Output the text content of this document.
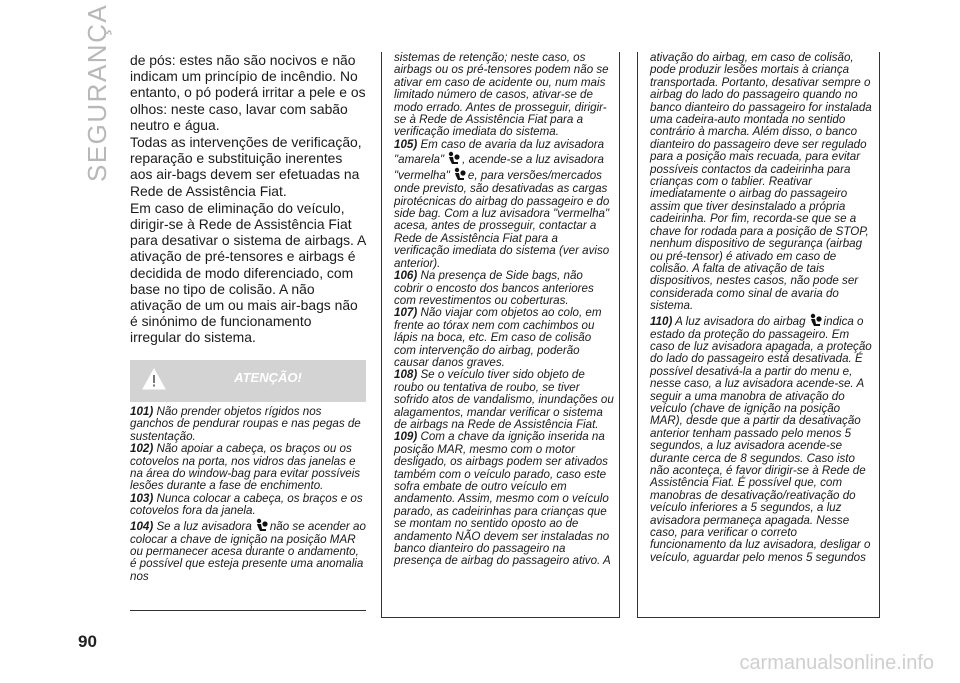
SEGURANÇA
90

de pós: estes não são nocivos e não indicam um princípio de incêndio. No entanto, o pó poderá irritar a pele e os olhos: neste caso, lavar com sabão neutro e água.

Todas as intervenções de verificação, reparação e substituição inerentes aos air-bags devem ser efetuadas na Rede de Assistência Fiat.

Em caso de eliminação do veículo, dirigir-se à Rede de Assistência Fiat para desativar o sistema de airbags. A ativação de pré-tensores e airbags é decidida de modo diferenciado, com base no tipo de colisão. A não ativação de um ou mais air-bags não é sinónimo de funcionamento irregular do sistema.

ATENÇÃO!

101) Não prender objetos rígidos nos ganchos de pendurar roupas e nas pegas de sustentação.

102) Não apoiar a cabeça, os braços ou os cotovelos na porta, nos vidros das janelas e na área do window-bag para evitar possíveis lesões durante a fase de enchimento.

103) Nunca colocar a cabeça, os braços e os cotovelos fora da janela.

104) Se a luz avisadora não se acender ao colocar a chave de ignição na posição MAR ou permanecer acesa durante o andamento, é possível que esteja presente uma anomalia nos

sistemas de retenção; neste caso, os airbags ou os pré-tensores podem não se ativar em caso de acidente ou, num mais limitado número de casos, ativar-se de modo errado. Antes de prosseguir, dirigir-se à Rede de Assistência Fiat para a verificação imediata do sistema.

105) Em caso de avaria da luz avisadora "amarela" , acende-se a luz avisadora "vermelha" e, para versões/mercados onde previsto, são desativadas as cargas pirotécnicas do airbag do passageiro e do side bag. Com a luz avisadora "vermelha" acesa, antes de prosseguir, contactar a Rede de Assistência Fiat para a verificação imediata do sistema (ver aviso anterior).

106) Na presença de Side bags, não cobrir o encosto dos bancos anteriores com revestimentos ou coberturas.

107) Não viajar com objetos ao colo, em frente ao tórax nem com cachimbos ou lápis na boca, etc. Em caso de colisão com intervenção do airbag, poderão causar danos graves.

108) Se o veículo tiver sido objeto de roubo ou tentativa de roubo, se tiver sofrido atos de vandalismo, inundações ou alagamentos, mandar verificar o sistema de airbags na Rede de Assistência Fiat.

109) Com a chave da ignição inserida na posição MAR, mesmo com o motor desligado, os airbags podem ser ativados também com o veículo parado, caso este sofra embate de outro veículo em andamento. Assim, mesmo com o veículo parado, as cadeirinhas para crianças que se montam no sentido oposto ao de andamento NÃO devem ser instaladas no banco dianteiro do passageiro na presença de airbag do passageiro ativo. A

ativação do airbag, em caso de colisão, pode produzir lesões mortais à criança transportada. Portanto, desativar sempre o airbag do lado do passageiro quando no banco dianteiro do passageiro for instalada uma cadeira-auto montada no sentido contrário à marcha. Além disso, o banco dianteiro do passageiro deve ser regulado para a posição mais recuada, para evitar possíveis contactos da cadeirinha para crianças com o tablier. Reativar imediatamente o airbag do passageiro assim que tiver desinstalado a própria cadeirinha. Por fim, recorda-se que se a chave for rodada para a posição de STOP, nenhum dispositivo de segurança (airbag ou pré-tensor) é ativado em caso de colisão. A falta de ativação de tais dispositivos, nestes casos, não pode ser considerada como sinal de avaria do sistema.

110) A luz avisadora do airbag indica o estado da proteção do passageiro. Em caso de luz avisadora apagada, a proteção do lado do passageiro está desativada. É possível desativá-la a partir do menu e, nesse caso, a luz avisadora acende-se. A seguir a uma manobra de ativação do veículo (chave de ignição na posição MAR), desde que a partir da desativação anterior tenham passado pelo menos 5 segundos, a luz avisadora acende-se durante cerca de 8 segundos. Caso isto não aconteça, é favor dirigir-se à Rede de Assistência Fiat. É possível que, com manobras de desativação/reativação do veículo inferiores a 5 segundos, a luz avisadora permaneça apagada. Nesse caso, para verificar o correto funcionamento da luz avisadora, desligar o veículo, aguardar pelo menos 5 segundos

carmanualsonline.info
